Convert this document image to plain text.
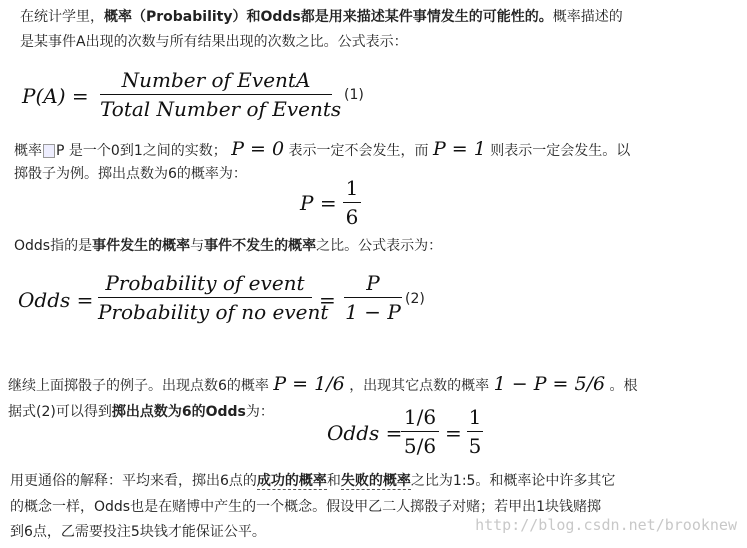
在统计学里，概率（Probability）和Odds都是用来描述某件事情发生的可能性的。概率描述的
是某事件A出现的次数与所有结果出现的次数之比。公式表示：
P(A) =
Number of EventA
Total Number of Events
(1)
概率 P 是一个0到1之间的实数； P = 0 表示一定不会发生，而 P = 1 则表示一定会发生。以
掷骰子为例。掷出点数为6的概率为：
P =
1
6
Odds指的是事件发生的概率与事件不发生的概率之比。公式表示为：
Odds =
Probability of event
Probability of no event
=
P
1 − P
(2)
继续上面掷骰子的例子。出现点数6的概率 P = 1/6 ，出现其它点数的概率 1 − P = 5/6 。根
据式(2)可以得到掷出点数为6的Odds为：
Odds =
1/6
5/6
=
1
5
用更通俗的解释：平均来看，掷出6点的成功的概率和失败的概率之比为1:5。和概率论中许多其它
的概念一样，Odds也是在赌博中产生的一个概念。假设甲乙二人掷骰子对赌；若甲出1块钱赌掷
到6点，乙需要投注5块钱才能保证公平。	http://blog.csdn.net/brooknew
